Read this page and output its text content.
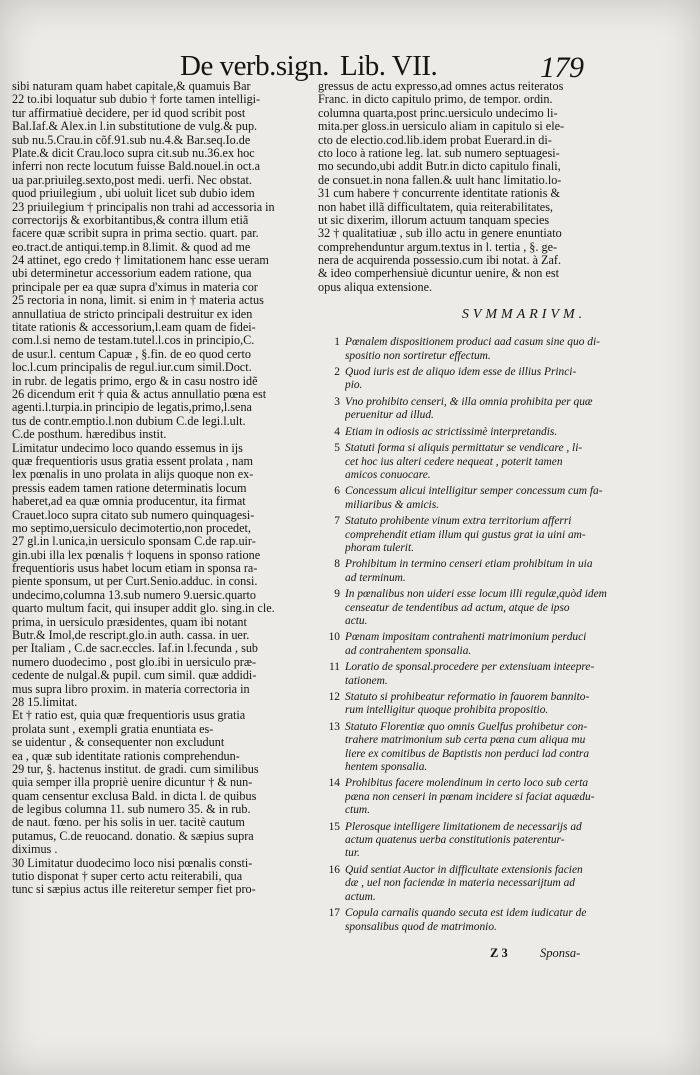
De verb.sign. Lib. VII.	179
sibi naturam quam habet capitale,& quamuis Bar
22 to.ibi loquatur sub dubio † forte tamen intelligi-
tur affirmatiuè decidere, per id quod scribit post
Bal.Iaf.& Alex.in l.in substitutione de vulg.& pup.
sub nu.5.Crau.in cõf.91.sub nu.4.& Bar.seq.Io.de
Plate.& dicit Crau.loco supra cit.sub nu.36.ex hoc
inferri non recte locutum fuisse Bald.nouel.in oct.a
ua par.priuileg.sexto,post medi. uerfi. Nec obstat.
quod priuilegium , ubi uoluit licet sub dubio idem
23 priuilegium † principalis non trahi ad accessoria in
correctorijs & exorbitantibus,& contra illum etiã
facere quæ scribit supra in prima sectio. quart. par.
eo.tract.de antiqui.temp.in 8.limit. & quod ad me
24 attinet, ego credo † limitationem hanc esse ueram
ubi determinetur accessorium eadem ratione, qua
principale per ea quæ supra d'ximus in materia cor
25 rectoria in nona, limit. si enim in † materia actus
annullatiua de stricto principali destruitur ex iden
titate rationis & accessorium,l.eam quam de fidei-
com.l.si nemo de testam.tutel.l.cos in principio,C.
de usur.l. centum Capuæ , §.fin. de eo quod certo
loc.l.cum principalis de regul.iur.cum simil.Doct.
in rubr. de legatis primo, ergo & in casu nostro idẽ
26 dicendum erit † quia & actus annullatio pœna est
agenti.l.turpia.in principio de legatis,primo,l.sena
tus de contr.emptio.l.non dubium C.de legi.l.ult.
C.de posthum. hæredibus instit.
Limitatur undecimo loco quando essemus in ijs
quæ frequentioris usus gratia essent prolata , nam
lex pœnalis in uno prolata in alijs quoque non ex-
pressis eadem tamen ratione determinatis locum
haberet,ad ea quæ omnia producentur, ita firmat
Crauet.loco supra citato sub numero quinquagesi-
mo septimo,uersiculo decimotertio,non procedet,
27 gl.in l.unica,in uersiculo sponsam C.de rap.uir-
gin.ubi illa lex pœnalis † loquens in sponso ratione
frequentioris usus habet locum etiam in sponsa ra-
piente sponsum, ut per Curt.Senio.adduc. in consi.
undecimo,columna 13.sub numero 9.uersic.quarto
quarto multum facit, qui insuper addit glo. sing.in cle.
prima, in uersiculo præsidentes, quam ibi notant
Butr.& Imol,de rescript.glo.in auth. cassa. in uer.
per Italiam , C.de sacr.eccles. Iaf.in l.fecunda , sub
numero duodecimo , post glo.ibi in uersiculo præ-
cedente de nulgal.& pupil. cum simil. quæ addidi-
mus supra libro proxim. in materia correctoria in
28 15.limitat.
Et † ratio est, quia quæ frequentioris usus gratia
prolata sunt , exempli gratia enuntiata es-
se uidentur , & consequenter non excludunt
ea , quæ sub identitate rationis comprehendun-
29 tur, §. hactenus institut. de gradi. cum similibus
quia semper illa propriè uenire dicuntur † & nun-
quam censentur exclusa Bald. in dicta l. de quibus
de legibus columna 11. sub numero 35. & in rub.
de naut. fœno. per his solis in uer. tacitè cautum
putamus, C.de reuocand. donatio. & sæpius supra
diximus .
30 Limitatur duodecimo loco nisi pœnalis consti-
tutio disponat † super certo actu reiterabili, qua
tunc si sæpius actus ille reiteretur semper fiet pro-
gressus de actu expresso,ad omnes actus reiteratos
Franc. in dicto capitulo primo, de tempor. ordin.
columna quarta,post princ.uersiculo undecimo li-
mita.per gloss.in uersiculo aliam in capitulo si ele-
cto de electio.cod.lib.idem probat Euerard.in di-
cto loco à ratione leg. lat. sub numero septuagesi-
mo secundo,ubi addit Butr.in dicto capitulo finali,
de consuet.in nona fallen.& uult hanc limitatio.lo-
31 cum habere † concurrente identitate rationis &
non habet illã difficultatem, quia reiterabilitates,
ut sic dixerim, illorum actuum tanquam species
32 † qualitatiuæ , sub illo actu in genere enuntiato
comprehenduntur argum.textus in l. tertia , §. ge-
nera de acquirenda possessio.cum ibi notat. à Zaf.
& ideo comperhensiuè dicuntur uenire, & non est
opus aliqua extensione.
SVMMARIVM.
1 Pœnalem dispositionem produci aad casum sine quo di-
spositio non sortiretur effectum.
2 Quod iuris est de aliquo idem esse de illius Princi-
pio.
3 Vno prohibito censeri, & illa omnia prohibita per quæ
peruenitur ad illud.
4 Etiam in odiosis ac strictissimè interpretandis.
5 Statuti forma si aliquis permittatur se vendicare , li-
cet hoc ius alteri cedere nequeat , poterit tamen
amicos conuocare.
6 Concessum alicui intelligitur semper concessum cum fa-
miliaribus & amicis.
7 Statuto prohibente vinum extra territorium afferri
comprehendit etiam illum qui gustus grat ia uini am-
phoram tulerit.
8 Prohibitum in termino censeri etiam prohibitum in uia
ad terminum.
9 In pœnalibus non uideri esse locum illi regulæ,quòd idem
censeatur de tendentibus ad actum, atque de ipso
actu.
10 Pœnam impositam contrahenti matrimonium perduci
ad contrahentem sponsalia.
11 Loratio de sponsal.procedere per extensiuam inteepre-
tationem.
12 Statuto si prohibeatur reformatio in fauorem bannito-
rum intelligitur quoque prohibita propositio.
13 Statuto Florentiæ quo omnis Guelfus prohibetur con-
trahere matrimonium sub certa pæna cum aliqua mu
liere ex comitibus de Baptistis non perduci lad contra
hentem sponsalia.
14 Prohibitus facere molendinum in certo loco sub certa
pæna non censeri in pœnam incidere si faciat aquædu-
ctum.
15 Plerosque intelligere limitationem de necessarijs ad
actum quatenus uerba constitutionis paterentur-
tur.
16 Quid sentiat Auctor in difficultate extensionis facien
dæ , uel non faciendæ in materia necessarijtum ad
actum.
17 Copula carnalis quando secuta est idem iudicatur de
sponsalibus quod de matrimonio.
Z 3	Sponsa-
